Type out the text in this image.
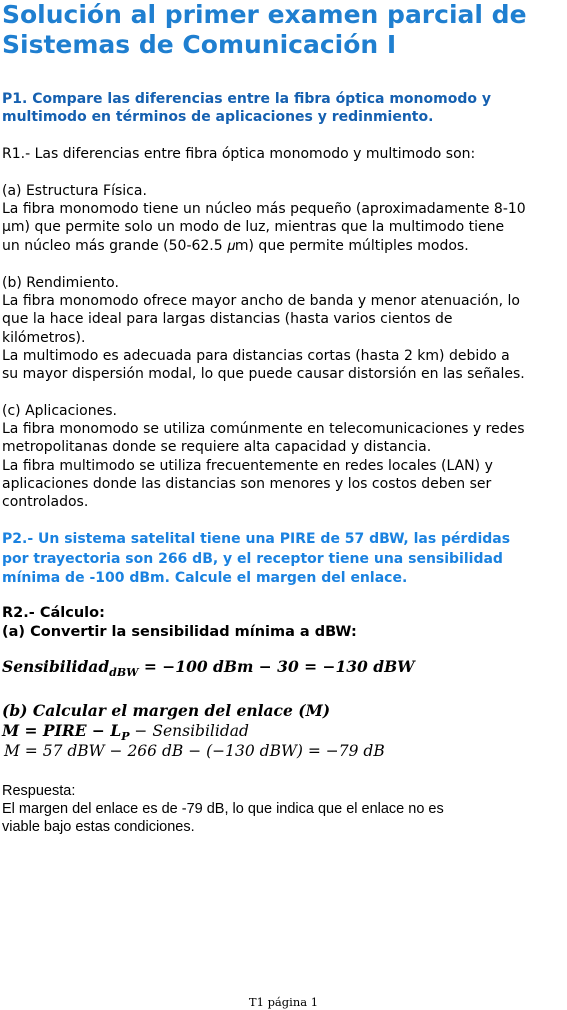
Solución al primer examen parcial de
Sistemas de Comunicación I
P1. Compare las diferencias entre la fibra óptica monomodo y
multimodo en términos de aplicaciones y redinmiento.
R1.- Las diferencias entre fibra óptica monomodo y multimodo son:
(a) Estructura Física.
La fibra monomodo tiene un núcleo más pequeño (aproximadamente 8-10
μm) que permite solo un modo de luz, mientras que la multimodo tiene
un núcleo más grande (50-62.5 𝜇m) que permite múltiples modos.
(b) Rendimiento.
La fibra monomodo ofrece mayor ancho de banda y menor atenuación, lo
que la hace ideal para largas distancias (hasta varios cientos de
kilómetros).
La multimodo es adecuada para distancias cortas (hasta 2 km) debido a
su mayor dispersión modal, lo que puede causar distorsión en las señales.
(c) Aplicaciones.
La fibra monomodo se utiliza comúnmente en telecomunicaciones y redes
metropolitanas donde se requiere alta capacidad y distancia.
La fibra multimodo se utiliza frecuentemente en redes locales (LAN) y
aplicaciones donde las distancias son menores y los costos deben ser
controlados.
P2.- Un sistema satelital tiene una PIRE de 57 dBW, las pérdidas
por trayectoria son 266 dB, y el receptor tiene una sensibilidad
mínima de -100 dBm. Calcule el margen del enlace.
R2.- Cálculo:
(a) Convertir la sensibilidad mínima a dBW:
Sensibilidad$_{dBW}$ = −100 dBm − 30 = −130 dBW
(b) Calcular el margen del enlace (M)
M = PIRE − $L_P$ − Sensibilidad
M = 57 dBW − 266 dB − (−130 dBW) = −79 dB
Respuesta:
El margen del enlace es de -79 dB, lo que indica que el enlace no es
viable bajo estas condiciones.
T1 página 1
